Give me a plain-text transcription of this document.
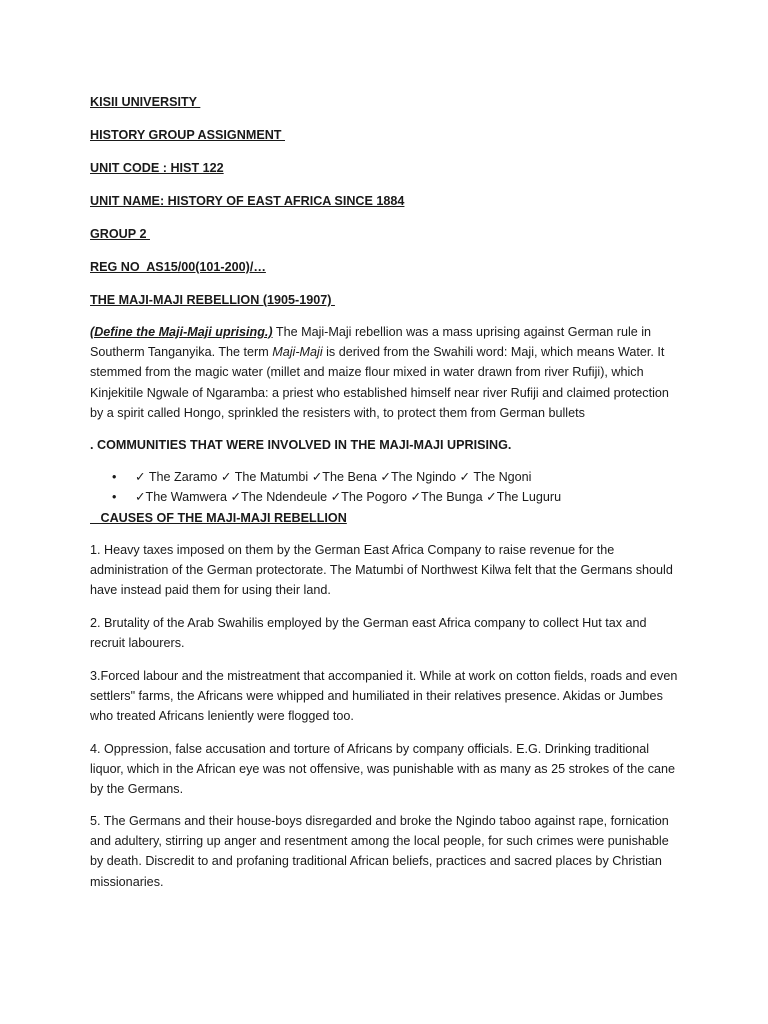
KISII UNIVERSITY

HISTORY GROUP ASSIGNMENT

UNIT CODE : HIST 122

UNIT NAME: HISTORY OF EAST AFRICA SINCE 1884

GROUP 2

REG NO  AS15/00(101-200)/…

THE MAJI-MAJI REBELLION (1905-1907)

(Define the Maji-Maji uprising.) The Maji-Maji rebellion was a mass uprising against German rule in Southerm Tanganyika. The term Maji-Maji is derived from the Swahili word: Maji, which means Water. It stemmed from the magic water (millet and maize flour mixed in water drawn from river Rufiji), which Kinjekitile Ngwale of Ngaramba: a priest who established himself near river Rufiji and claimed protection by a spirit called Hongo, sprinkled the resisters with, to protect them from German bullets

. COMMUNITIES THAT WERE INVOLVED IN THE MAJI-MAJI UPRISING.

• ✓ The Zaramo ✓ The Matumbi ✓The Bena ✓The Ngindo ✓ The Ngoni
• ✓The Wamwera ✓The Ndendeule ✓The Pogoro ✓The Bunga ✓The Luguru

CAUSES OF THE MAJI-MAJI REBELLION

1. Heavy taxes imposed on them by the German East Africa Company to raise revenue for the administration of the German protectorate. The Matumbi of Northwest Kilwa felt that the Germans should have instead paid them for using their land.

2. Brutality of the Arab Swahilis employed by the German east Africa company to collect Hut tax and recruit labourers.

3.Forced labour and the mistreatment that accompanied it. While at work on cotton fields, roads and even settlers" farms, the Africans were whipped and humiliated in their relatives presence. Akidas or Jumbes who treated Africans leniently were flogged too.

4. Oppression, false accusation and torture of Africans by company officials. E.G. Drinking traditional liquor, which in the African eye was not offensive, was punishable with as many as 25 strokes of the cane by the Germans.

5. The Germans and their house-boys disregarded and broke the Ngindo taboo against rape, fornication and adultery, stirring up anger and resentment among the local people, for such crimes were punishable by death. Discredit to and profaning traditional African beliefs, practices and sacred places by Christian missionaries.
